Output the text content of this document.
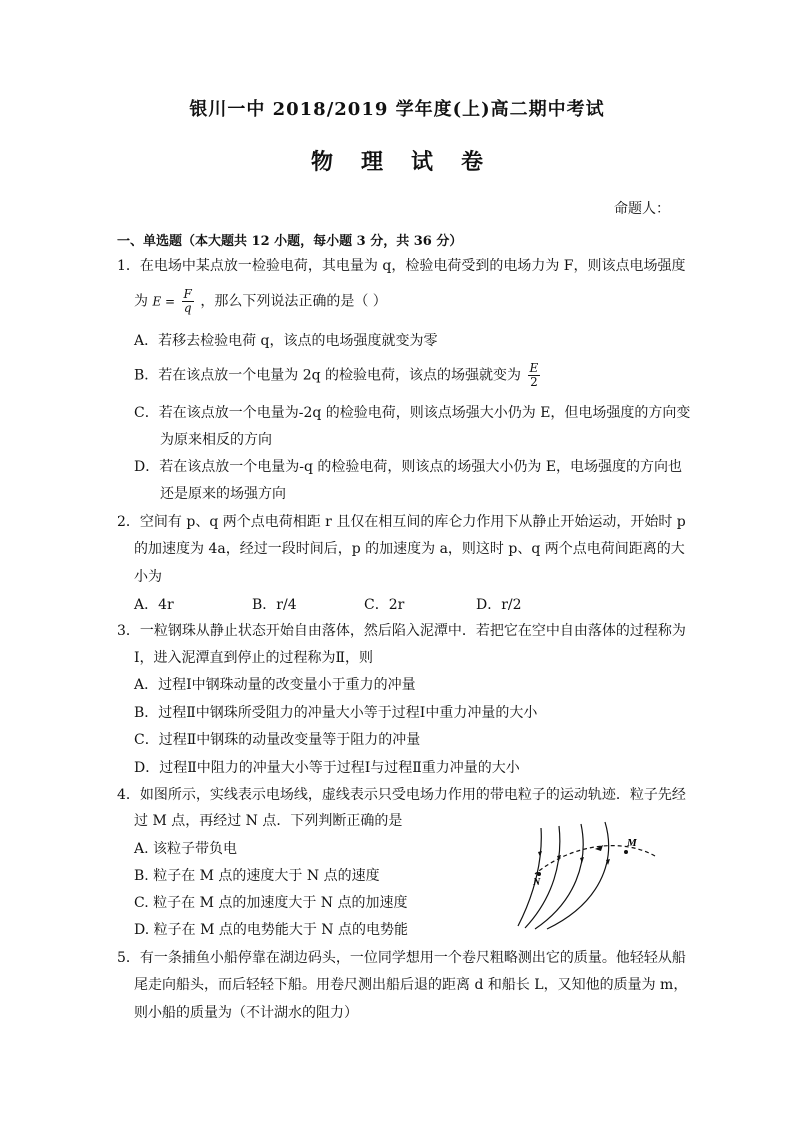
银川一中 2018/2019 学年度(上)高二期中考试
物理试卷
命题人：
一、单选题（本大题共 12 小题，每小题 3 分，共 36 分）
1．在电场中某点放一检验电荷，其电量为 q，检验电荷受到的电场力为 F，则该点电场强度
为 $E = \frac{F}{q}$ ，那么下列说法正确的是（ ）
A．若移去检验电荷 q，该点的电场强度就变为零
B．若在该点放一个电量为 2q 的检验电荷，该点的场强就变为 $\frac{E}{2}$
C．若在该点放一个电量为-2q 的检验电荷，则该点场强大小仍为 E，但电场强度的方向变
为原来相反的方向
D．若在该点放一个电量为-q 的检验电荷，则该点的场强大小仍为 E，电场强度的方向也
还是原来的场强方向
2．空间有 p、q 两个点电荷相距 r 且仅在相互间的库仑力作用下从静止开始运动，开始时 p
的加速度为 4a，经过一段时间后，p 的加速度为 a，则这时 p、q 两个点电荷间距离的大
小为
A．4r	B．r/4	C．2r	D．r/2
3．一粒钢珠从静止状态开始自由落体，然后陷入泥潭中．若把它在空中自由落体的过程称为
Ⅰ，进入泥潭直到停止的过程称为Ⅱ，则
A．过程Ⅰ中钢珠动量的改变量小于重力的冲量
B．过程Ⅱ中钢珠所受阻力的冲量大小等于过程Ⅰ中重力冲量的大小
C．过程Ⅱ中钢珠的动量改变量等于阻力的冲量
D．过程Ⅱ中阻力的冲量大小等于过程Ⅰ与过程Ⅱ重力冲量的大小
4．如图所示，实线表示电场线，虚线表示只受电场力作用的带电粒子的运动轨迹．粒子先经
过 M 点，再经过 N 点．下列判断正确的是
A. 该粒子带负电
B. 粒子在 M 点的速度大于 N 点的速度
C. 粒子在 M 点的加速度大于 N 点的加速度
D. 粒子在 M 点的电势能大于 N 点的电势能
M
N
5．有一条捕鱼小船停靠在湖边码头，一位同学想用一个卷尺粗略测出它的质量。他轻轻从船
尾走向船头，而后轻轻下船。用卷尺测出船后退的距离 d 和船长 L，又知他的质量为 m，
则小船的质量为（不计湖水的阻力）
